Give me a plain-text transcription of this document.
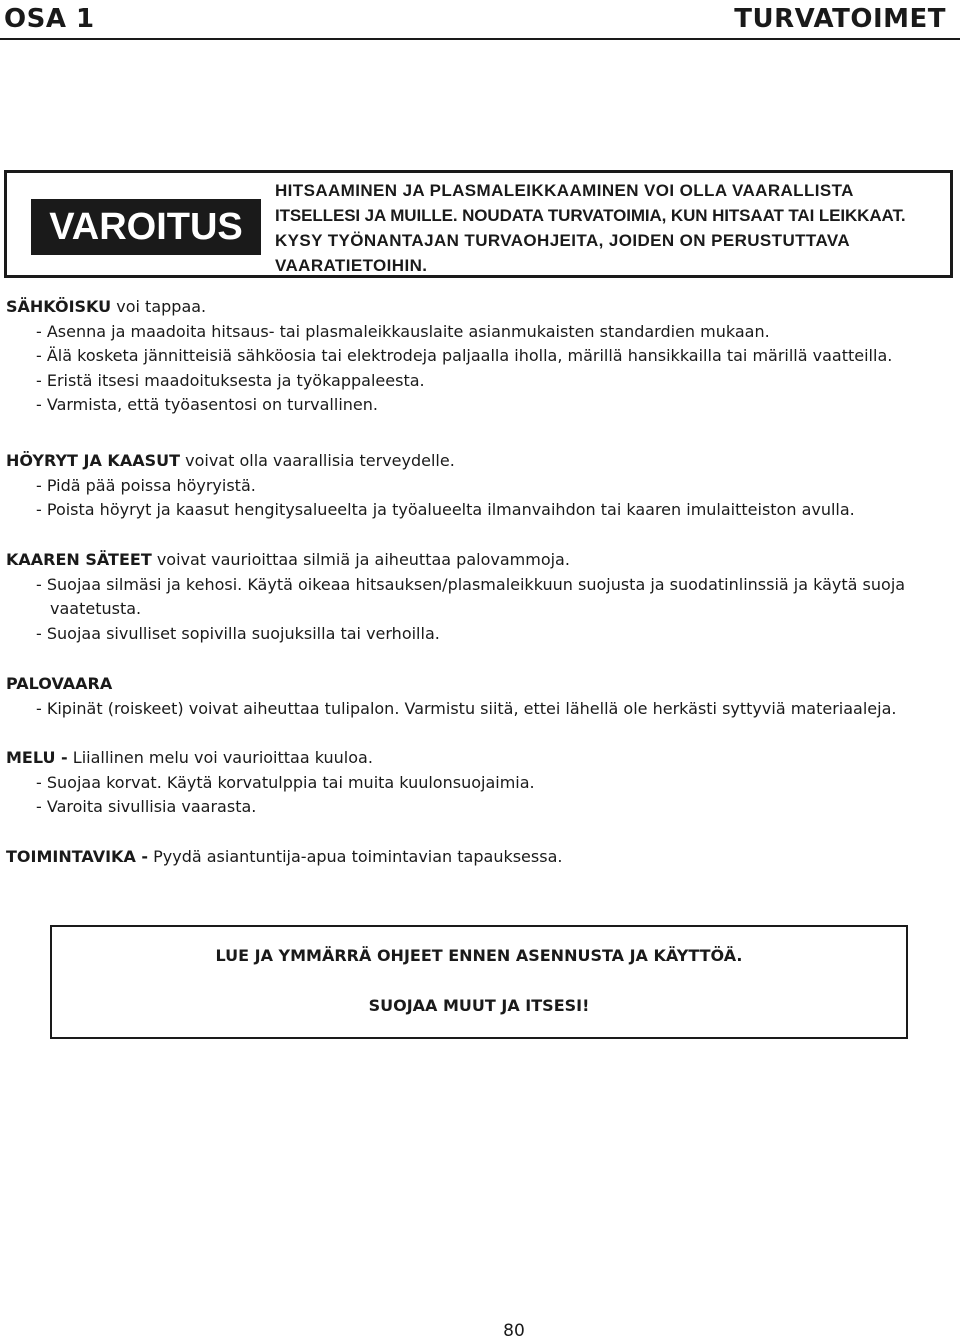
OSA 1	TURVATOIMET
VAROITUS
HITSAAMINEN JA PLASMALEIKKAAMINEN VOI OLLA VAARALLISTA
ITSELLESI JA MUILLE. NOUDATA TURVATOIMIA, KUN HITSAAT TAI LEIKKAAT.
KYSY TYÖNANTAJAN TURVAOHJEITA, JOIDEN ON PERUSTUTTAVA
VAARATIETOIHIN.
SÄHKÖISKU voi tappaa.
- Asenna ja maadoita hitsaus- tai plasmaleikkauslaite asianmukaisten standardien mukaan.
- Älä kosketa jännitteisiä sähköosia tai elektrodeja paljaalla iholla, märillä hansikkailla tai märillä vaatteilla.
- Eristä itsesi maadoituksesta ja työkappaleesta.
- Varmista, että työasentosi on turvallinen.
HÖYRYT JA KAASUT voivat olla vaarallisia terveydelle.
- Pidä pää poissa höyryistä.
- Poista höyryt ja kaasut hengitysalueelta ja työalueelta ilmanvaihdon tai kaaren imulaitteiston avulla.
KAAREN SÄTEET voivat vaurioittaa silmiä ja aiheuttaa palovammoja.
- Suojaa silmäsi ja kehosi. Käytä oikeaa hitsauksen/plasmaleikkuun suojusta ja suodatinlinssiä ja käytä suoja
vaatetusta.
- Suojaa sivulliset sopivilla suojuksilla tai verhoilla.
PALOVAARA
- Kipinät (roiskeet) voivat aiheuttaa tulipalon. Varmistu siitä, ettei lähellä ole herkästi syttyviä materiaaleja.
MELU - Liiallinen melu voi vaurioittaa kuuloa.
- Suojaa korvat. Käytä korvatulppia tai muita kuulonsuojaimia.
- Varoita sivullisia vaarasta.
TOIMINTAVIKA - Pyydä asiantuntija-apua toimintavian tapauksessa.
LUE JA YMMÄRRÄ OHJEET ENNEN ASENNUSTA JA KÄYTTÖÄ.
SUOJAA MUUT JA ITSESI!
80
